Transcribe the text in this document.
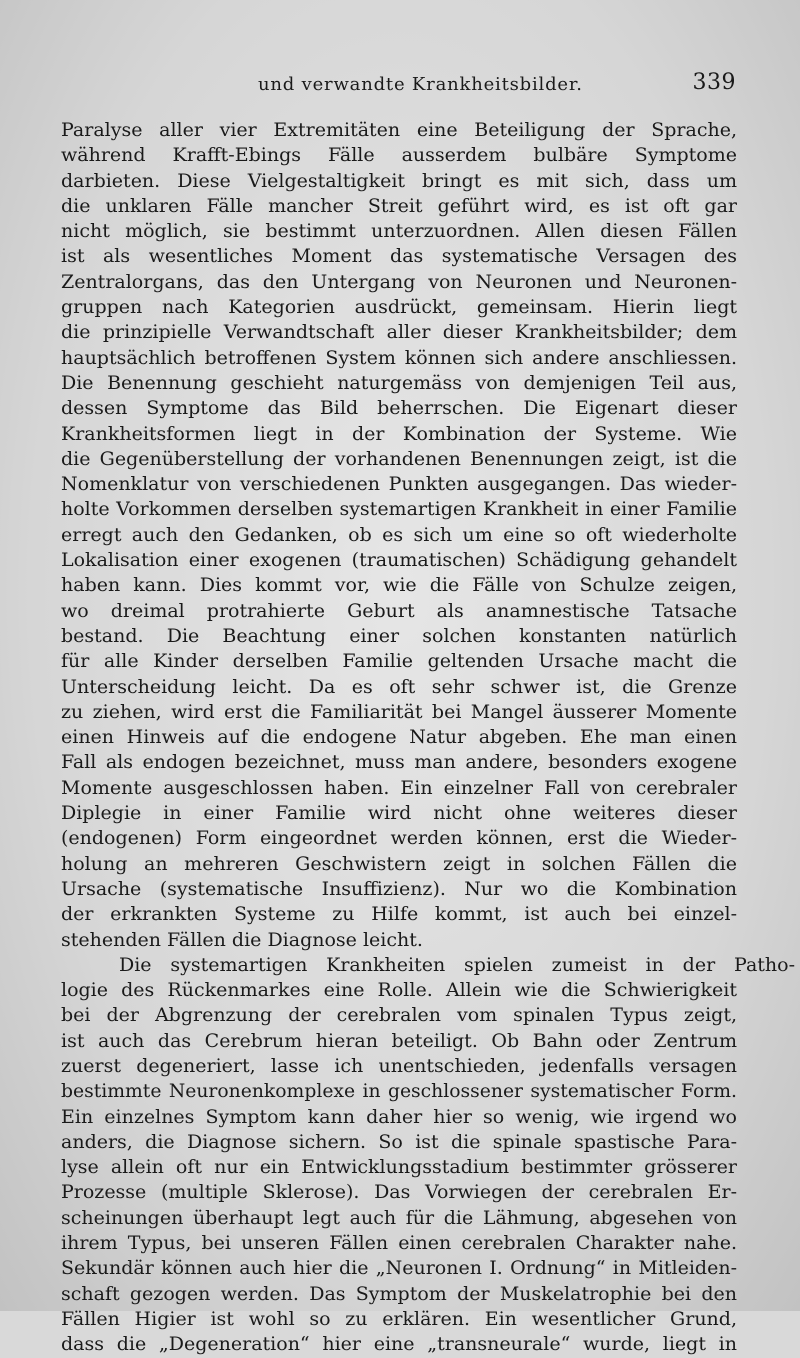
und verwandte Krankheitsbilder.	339
Paralyse aller vier Extremitäten eine Beteiligung der Sprache,
während Krafft-Ebings Fälle ausserdem bulbäre Symptome
darbieten. Diese Vielgestaltigkeit bringt es mit sich, dass um
die unklaren Fälle mancher Streit geführt wird, es ist oft gar
nicht möglich, sie bestimmt unterzuordnen. Allen diesen Fällen
ist als wesentliches Moment das systematische Versagen des
Zentralorgans, das den Untergang von Neuronen und Neuronen-
gruppen nach Kategorien ausdrückt, gemeinsam. Hierin liegt
die prinzipielle Verwandtschaft aller dieser Krankheitsbilder; dem
hauptsächlich betroffenen System können sich andere anschliessen.
Die Benennung geschieht naturgemäss von demjenigen Teil aus,
dessen Symptome das Bild beherrschen. Die Eigenart dieser
Krankheitsformen liegt in der Kombination der Systeme. Wie
die Gegenüberstellung der vorhandenen Benennungen zeigt, ist die
Nomenklatur von verschiedenen Punkten ausgegangen. Das wieder-
holte Vorkommen derselben systemartigen Krankheit in einer Familie
erregt auch den Gedanken, ob es sich um eine so oft wiederholte
Lokalisation einer exogenen (traumatischen) Schädigung gehandelt
haben kann. Dies kommt vor, wie die Fälle von Schulze zeigen,
wo dreimal protrahierte Geburt als anamnestische Tatsache
bestand. Die Beachtung einer solchen konstanten natürlich
für alle Kinder derselben Familie geltenden Ursache macht die
Unterscheidung leicht. Da es oft sehr schwer ist, die Grenze
zu ziehen, wird erst die Familiarität bei Mangel äusserer Momente
einen Hinweis auf die endogene Natur abgeben. Ehe man einen
Fall als endogen bezeichnet, muss man andere, besonders exogene
Momente ausgeschlossen haben. Ein einzelner Fall von cerebraler
Diplegie in einer Familie wird nicht ohne weiteres dieser
(endogenen) Form eingeordnet werden können, erst die Wieder-
holung an mehreren Geschwistern zeigt in solchen Fällen die
Ursache (systematische Insuffizienz). Nur wo die Kombination
der erkrankten Systeme zu Hilfe kommt, ist auch bei einzel-
stehenden Fällen die Diagnose leicht.
Die systemartigen Krankheiten spielen zumeist in der Patho-
logie des Rückenmarkes eine Rolle. Allein wie die Schwierigkeit
bei der Abgrenzung der cerebralen vom spinalen Typus zeigt,
ist auch das Cerebrum hieran beteiligt. Ob Bahn oder Zentrum
zuerst degeneriert, lasse ich unentschieden, jedenfalls versagen
bestimmte Neuronenkomplexe in geschlossener systematischer Form.
Ein einzelnes Symptom kann daher hier so wenig, wie irgend wo
anders, die Diagnose sichern. So ist die spinale spastische Para-
lyse allein oft nur ein Entwicklungsstadium bestimmter grösserer
Prozesse (multiple Sklerose). Das Vorwiegen der cerebralen Er-
scheinungen überhaupt legt auch für die Lähmung, abgesehen von
ihrem Typus, bei unseren Fällen einen cerebralen Charakter nahe.
Sekundär können auch hier die „Neuronen I. Ordnung“ in Mitleiden-
schaft gezogen werden. Das Symptom der Muskelatrophie bei den
Fällen Higier ist wohl so zu erklären. Ein wesentlicher Grund,
dass die „Degeneration“ hier eine „transneurale“ wurde, liegt in
